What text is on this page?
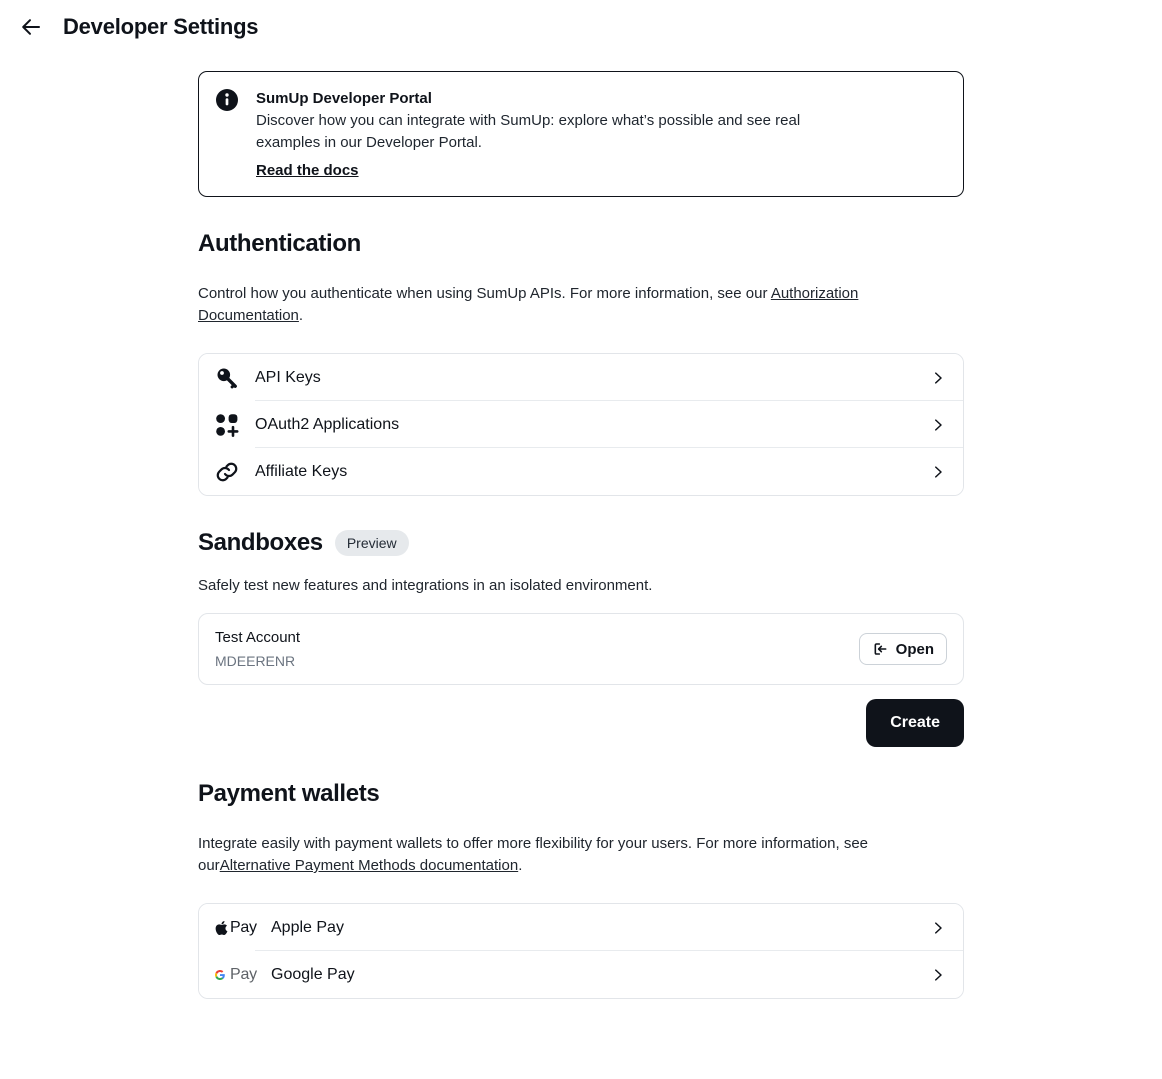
Developer Settings
SumUp Developer Portal
Discover how you can integrate with SumUp: explore what’s possible and see real examples in our Developer Portal.
Read the docs
Authentication

Control how you authenticate when using SumUp APIs. For more information, see our Authorization Documentation.

API Keys
OAuth2 Applications
Affiliate Keys
Sandboxes	Preview

Safely test new features and integrations in an isolated environment.

Test Account
MDEERENR
Open
Create
Payment wallets

Integrate easily with payment wallets to offer more flexibility for your users. For more information, see ourAlternative Payment Methods documentation.

Pay Apple Pay
Pay Google Pay
